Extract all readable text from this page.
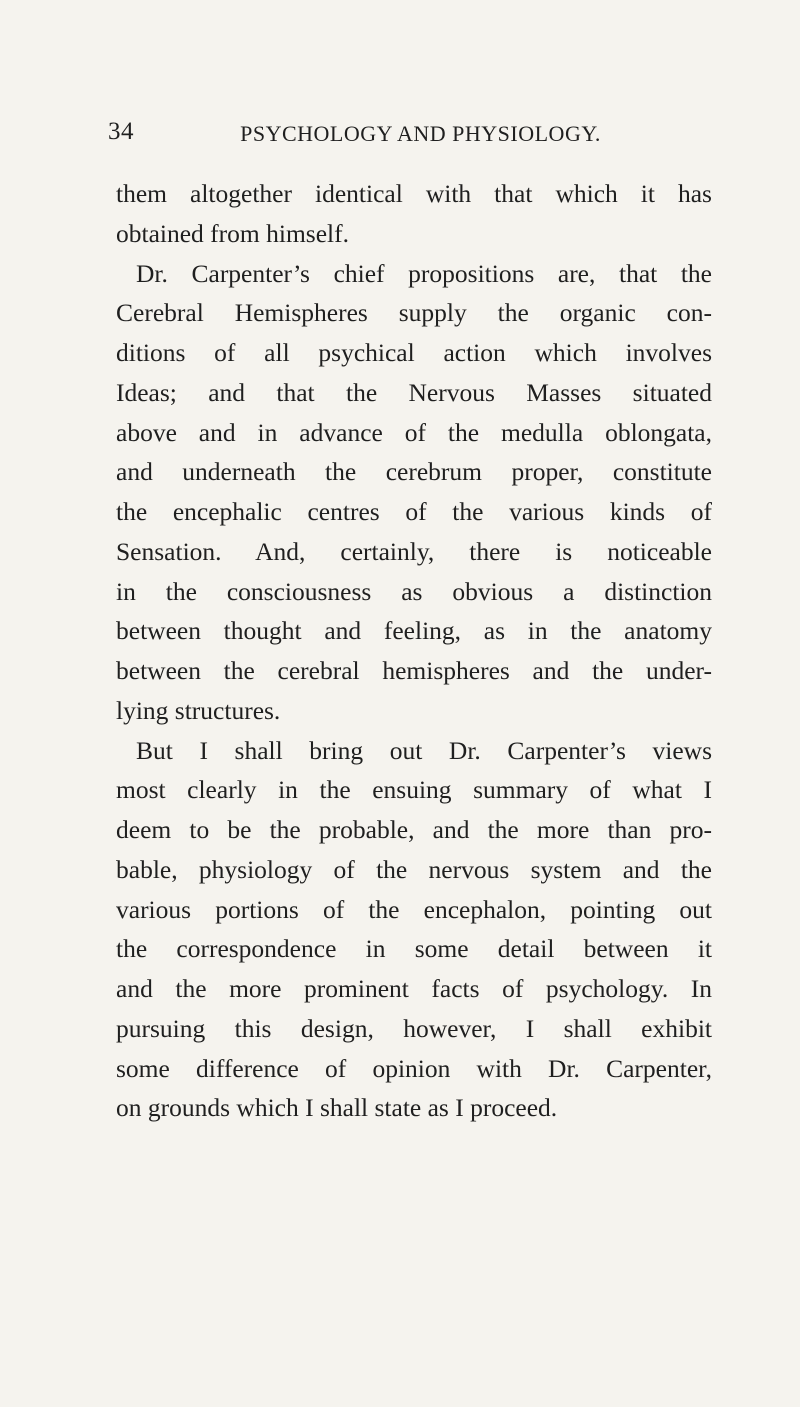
34	PSYCHOLOGY AND PHYSIOLOGY.
them altogether identical with that which it has
obtained from himself.
Dr. Carpenter’s chief propositions are, that the
Cerebral Hemispheres supply the organic con-
ditions of all psychical action which involves
Ideas; and that the Nervous Masses situated
above and in advance of the medulla oblongata,
and underneath the cerebrum proper, constitute
the encephalic centres of the various kinds of
Sensation. And, certainly, there is noticeable
in the consciousness as obvious a distinction
between thought and feeling, as in the anatomy
between the cerebral hemispheres and the under-
lying structures.
But I shall bring out Dr. Carpenter’s views
most clearly in the ensuing summary of what I
deem to be the probable, and the more than pro-
bable, physiology of the nervous system and the
various portions of the encephalon, pointing out
the correspondence in some detail between it
and the more prominent facts of psychology. In
pursuing this design, however, I shall exhibit
some difference of opinion with Dr. Carpenter,
on grounds which I shall state as I proceed.
